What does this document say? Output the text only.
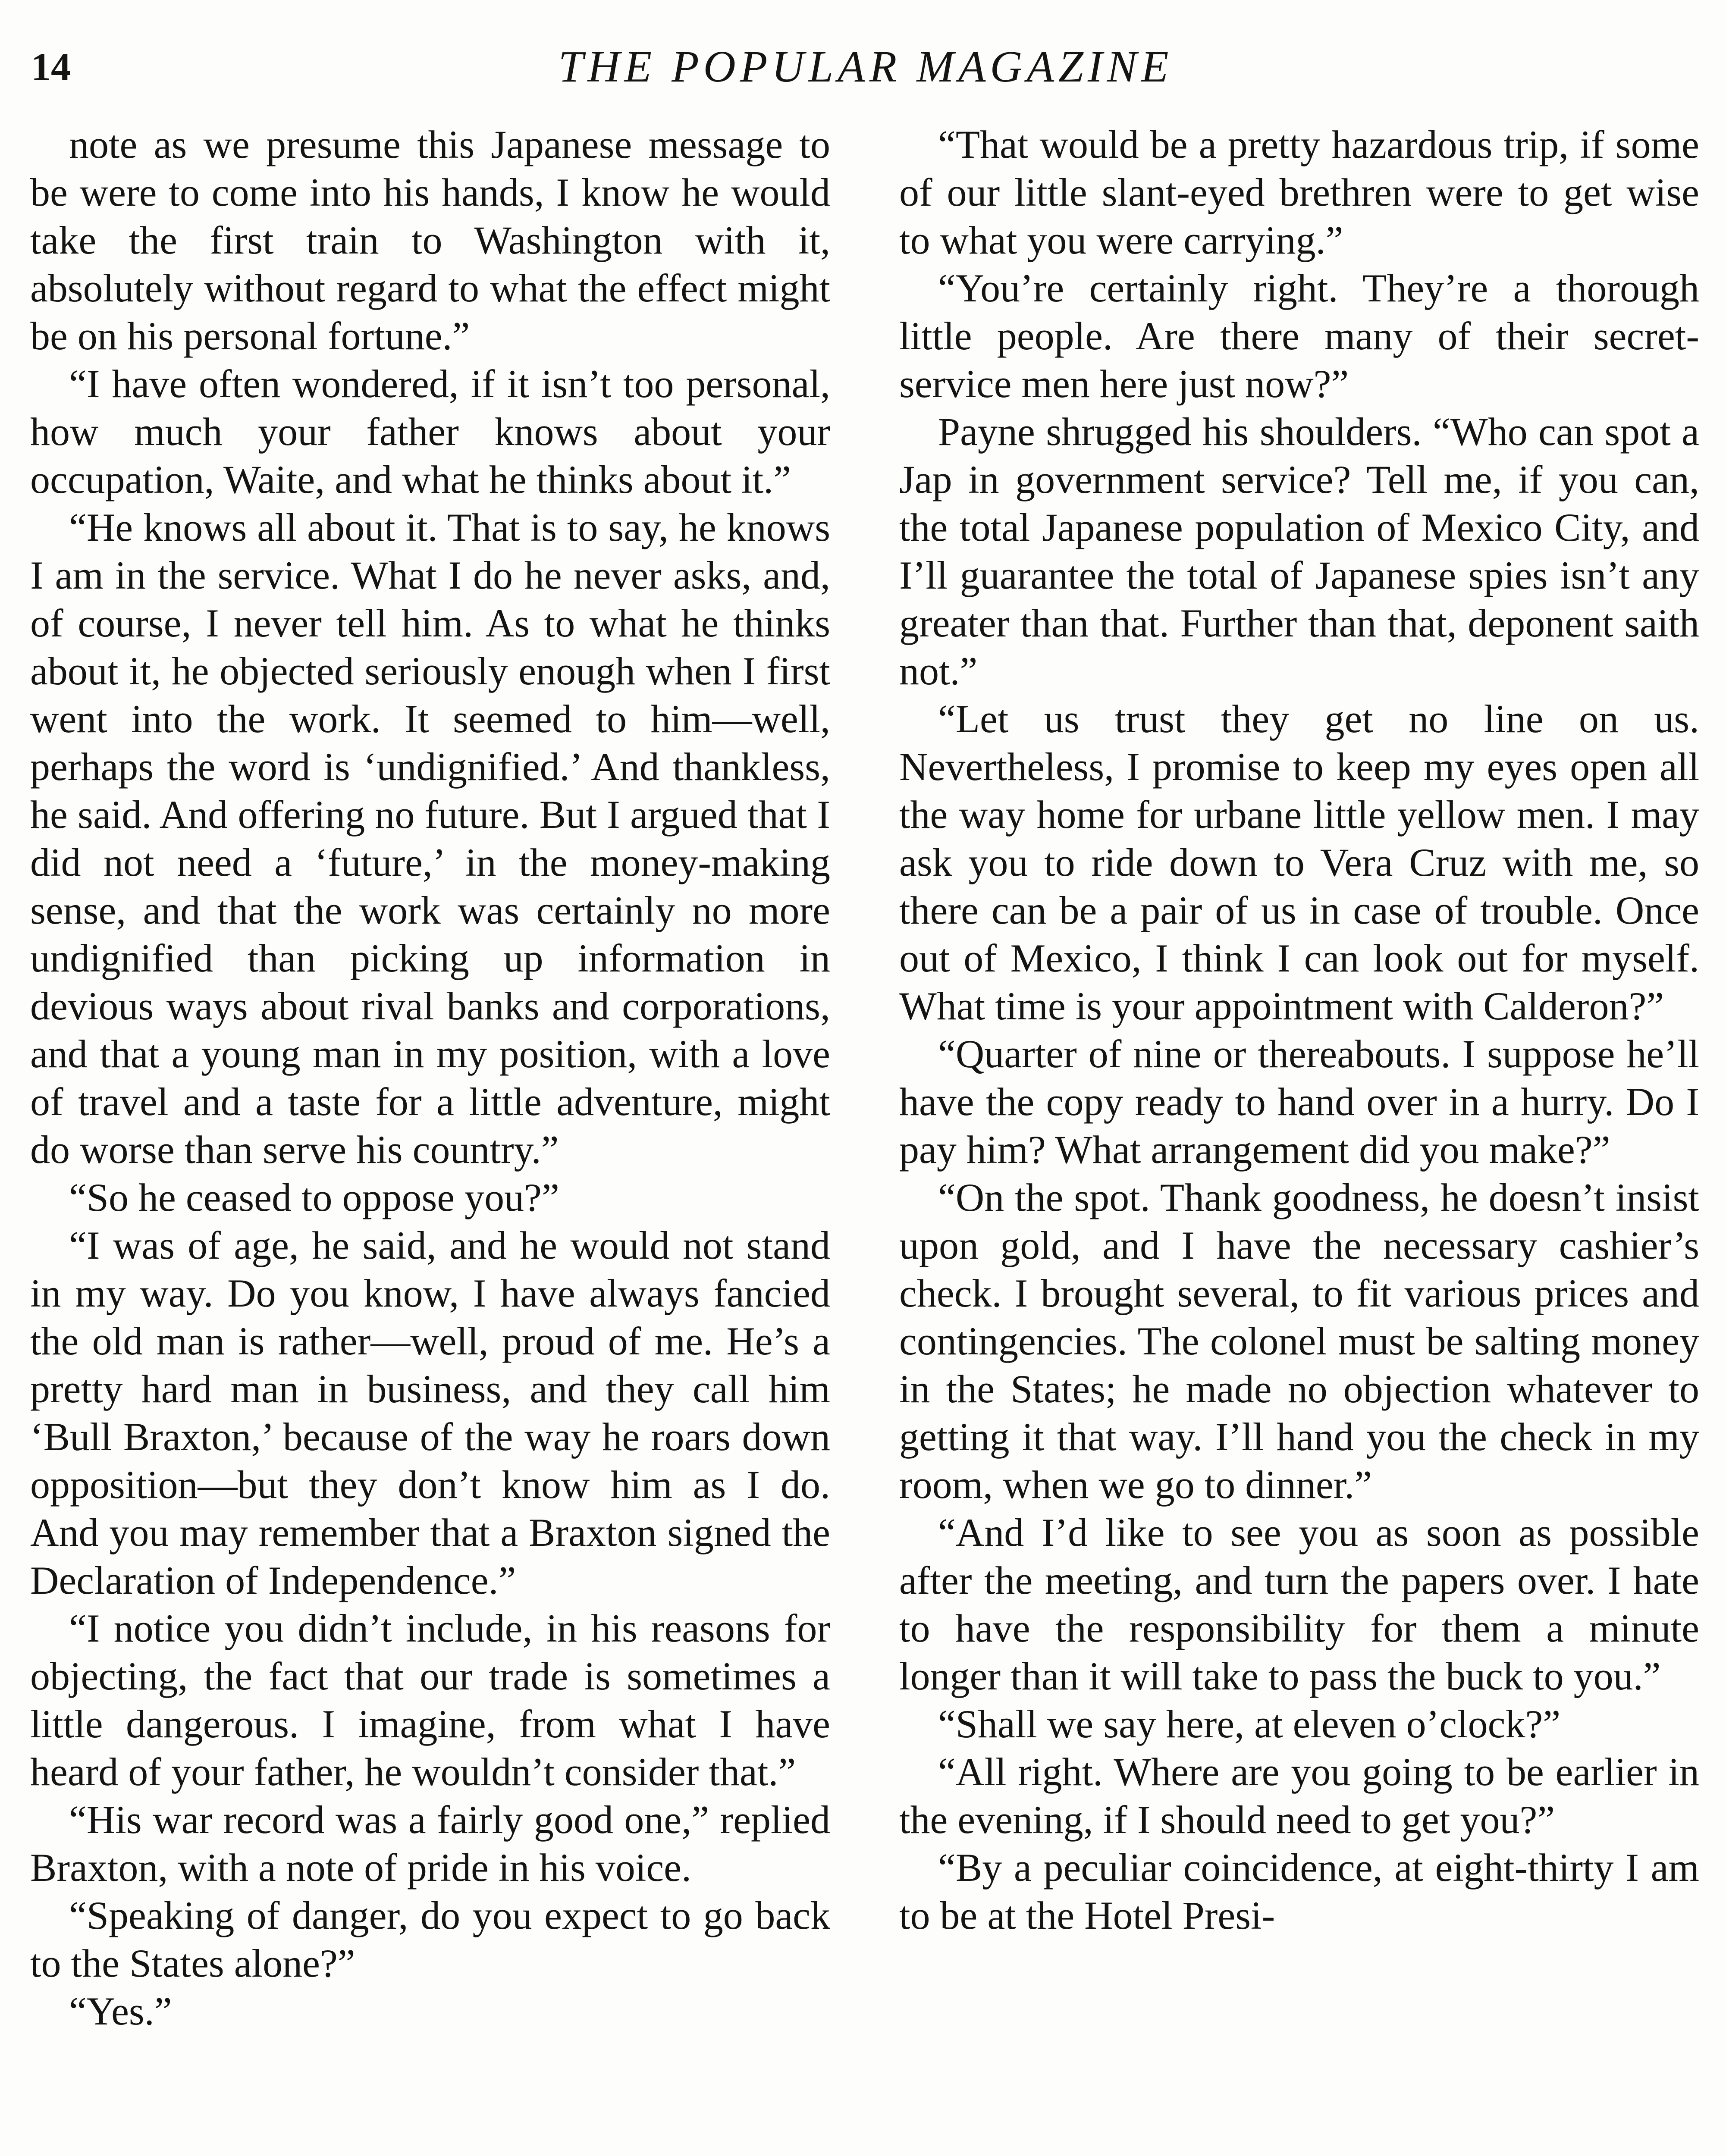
14	THE POPULAR MAGAZINE

note as we presume this Japanese message to be were to come into his hands, I know he would take the first train to Washington with it, absolutely without regard to what the effect might be on his personal fortune.”

“I have often wondered, if it isn’t too personal, how much your father knows about your occupation, Waite, and what he thinks about it.”

“He knows all about it. That is to say, he knows I am in the service. What I do he never asks, and, of course, I never tell him. As to what he thinks about it, he objected seriously enough when I first went into the work. It seemed to him—well, perhaps the word is ‘undignified.’ And thankless, he said. And offering no future. But I argued that I did not need a ‘future,’ in the money-making sense, and that the work was certainly no more undignified than picking up information in devious ways about rival banks and corporations, and that a young man in my position, with a love of travel and a taste for a little adventure, might do worse than serve his country.”

“So he ceased to oppose you?”

“I was of age, he said, and he would not stand in my way. Do you know, I have always fancied the old man is rather—well, proud of me. He’s a pretty hard man in business, and they call him ‘Bull Braxton,’ because of the way he roars down opposition—but they don’t know him as I do. And you may remember that a Braxton signed the Declaration of Independence.”

“I notice you didn’t include, in his reasons for objecting, the fact that our trade is sometimes a little dangerous. I imagine, from what I have heard of your father, he wouldn’t consider that.”

“His war record was a fairly good one,” replied Braxton, with a note of pride in his voice.

“Speaking of danger, do you expect to go back to the States alone?”

“Yes.”

“That would be a pretty hazardous trip, if some of our little slant-eyed brethren were to get wise to what you were carrying.”

“You’re certainly right. They’re a thorough little people. Are there many of their secret-service men here just now?”

Payne shrugged his shoulders. “Who can spot a Jap in government service? Tell me, if you can, the total Japanese population of Mexico City, and I’ll guarantee the total of Japanese spies isn’t any greater than that. Further than that, deponent saith not.”

“Let us trust they get no line on us. Nevertheless, I promise to keep my eyes open all the way home for urbane little yellow men. I may ask you to ride down to Vera Cruz with me, so there can be a pair of us in case of trouble. Once out of Mexico, I think I can look out for myself. What time is your appointment with Calderon?”

“Quarter of nine or thereabouts. I suppose he’ll have the copy ready to hand over in a hurry. Do I pay him? What arrangement did you make?”

“On the spot. Thank goodness, he doesn’t insist upon gold, and I have the necessary cashier’s check. I brought several, to fit various prices and contingencies. The colonel must be salting money in the States; he made no objection whatever to getting it that way. I’ll hand you the check in my room, when we go to dinner.”

“And I’d like to see you as soon as possible after the meeting, and turn the papers over. I hate to have the responsibility for them a minute longer than it will take to pass the buck to you.”

“Shall we say here, at eleven o’clock?”

“All right. Where are you going to be earlier in the evening, if I should need to get you?”

“By a peculiar coincidence, at eight-thirty I am to be at the Hotel Presi-
